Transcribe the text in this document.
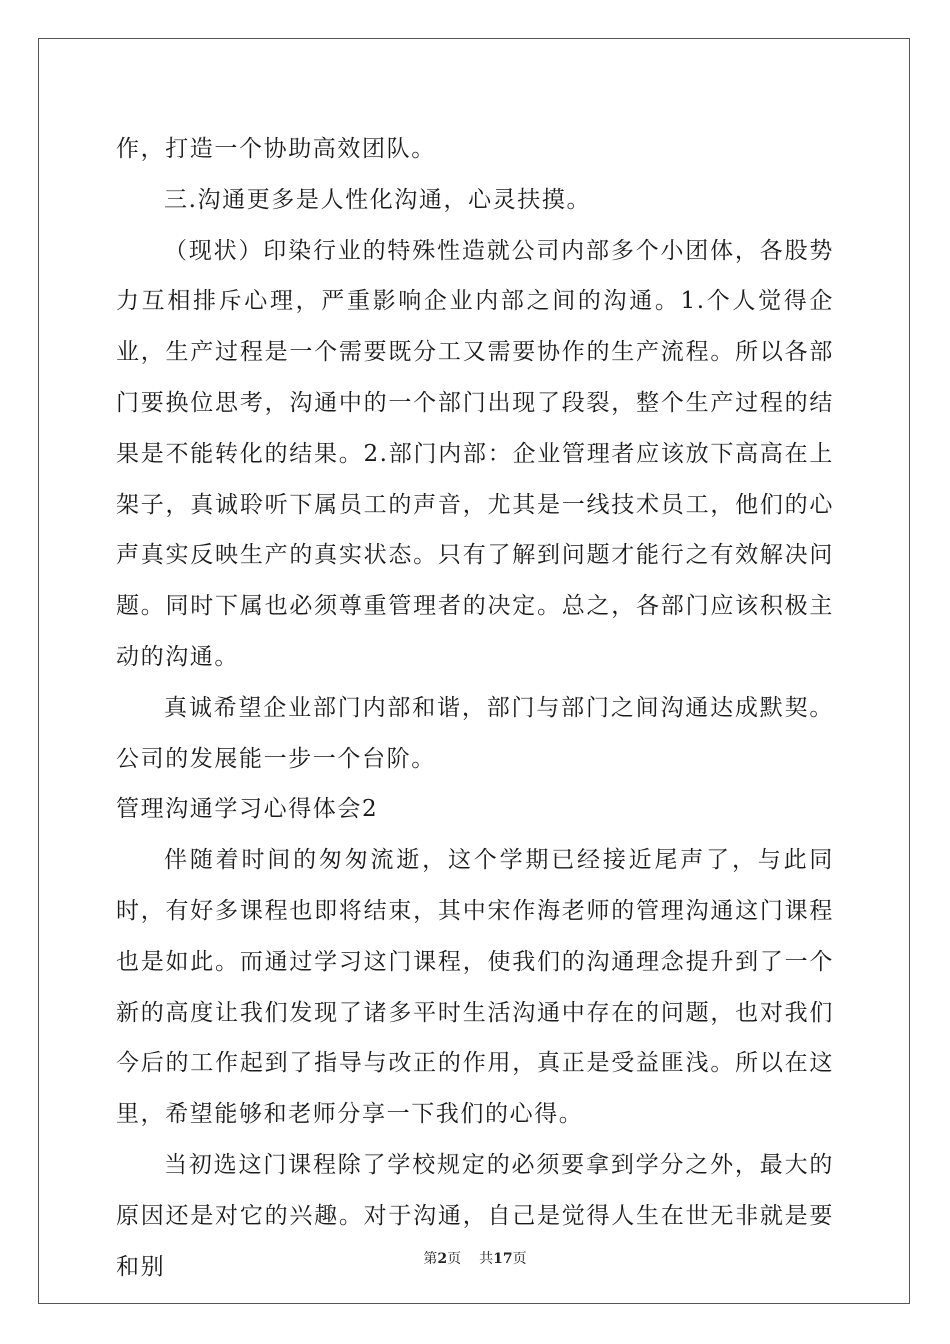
作，打造一个协助高效团队。

三.沟通更多是人性化沟通，心灵扶摸。

（现状）印染行业的特殊性造就公司内部多个小团体，各股势力互相排斥心理，严重影响企业内部之间的沟通。1.个人觉得企业，生产过程是一个需要既分工又需要协作的生产流程。所以各部门要换位思考，沟通中的一个部门出现了段裂，整个生产过程的结果是不能转化的结果。2.部门内部：企业管理者应该放下高高在上架子，真诚聆听下属员工的声音，尤其是一线技术员工，他们的心声真实反映生产的真实状态。只有了解到问题才能行之有效解决问题。同时下属也必须尊重管理者的决定。总之，各部门应该积极主动的沟通。

真诚希望企业部门内部和谐，部门与部门之间沟通达成默契。公司的发展能一步一个台阶。

管理沟通学习心得体会2

伴随着时间的匆匆流逝，这个学期已经接近尾声了，与此同时，有好多课程也即将结束，其中宋作海老师的管理沟通这门课程也是如此。而通过学习这门课程，使我们的沟通理念提升到了一个新的高度让我们发现了诸多平时生活沟通中存在的问题，也对我们今后的工作起到了指导与改正的作用，真正是受益匪浅。所以在这里，希望能够和老师分享一下我们的心得。

当初选这门课程除了学校规定的必须要拿到学分之外，最大的原因还是对它的兴趣。对于沟通，自己是觉得人生在世无非就是要和别	第2页 共17页
